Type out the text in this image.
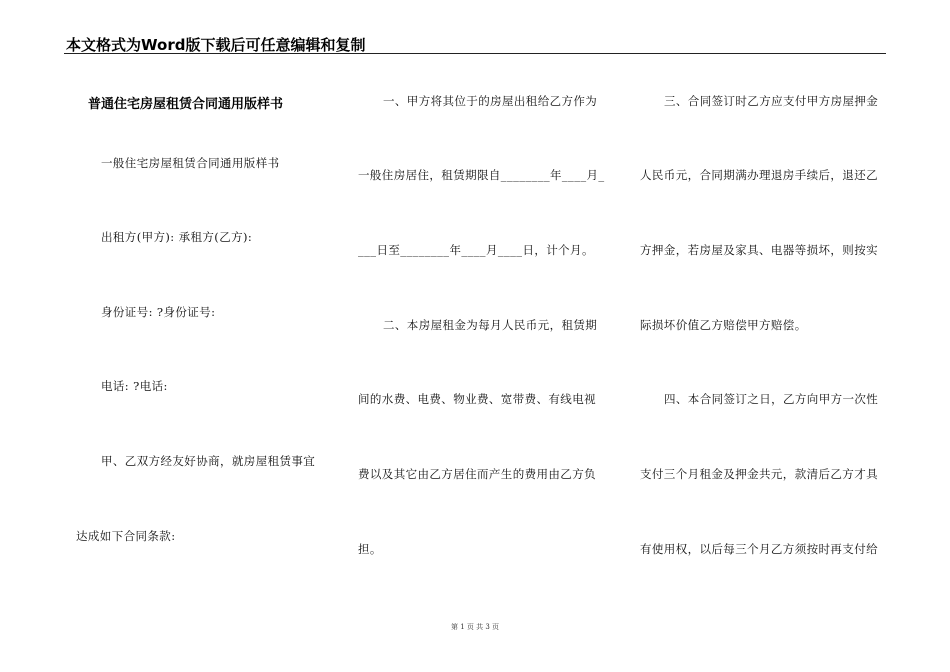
本文格式为Word版下载后可任意编辑和复制
普通住宅房屋租赁合同通用版样书
一般住宅房屋租赁合同通用版样书
出租方(甲方): 承租方(乙方):
身份证号: ?身份证号:
电话: ?电话:
甲、乙双方经友好协商，就房屋租赁事宜
达成如下合同条款:
一、甲方将其位于的房屋出租给乙方作为
一般住房居住，租赁期限自________年____月_
___日至________年____月____日，计个月。
二、本房屋租金为每月人民币元，租赁期
间的水费、电费、物业费、宽带费、有线电视
费以及其它由乙方居住而产生的费用由乙方负
担。
三、合同签订时乙方应支付甲方房屋押金
人民币元，合同期满办理退房手续后，退还乙
方押金，若房屋及家具、电器等损坏，则按实
际损坏价值乙方赔偿甲方赔偿。
四、本合同签订之日，乙方向甲方一次性
支付三个月租金及押金共元，款清后乙方才具
有使用权，以后每三个月乙方须按时再支付给
第 1 页 共 3 页
